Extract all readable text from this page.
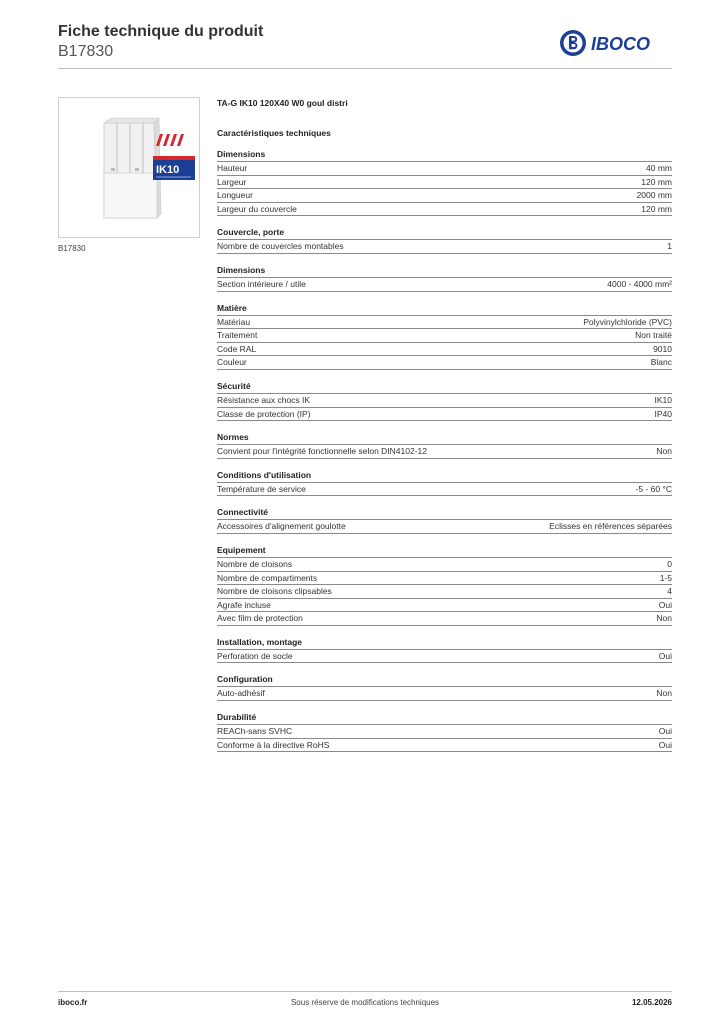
Fiche technique du produit
B17830	IBOCO
IK10
B17830
TA-G IK10 120X40 W0 goul distri
Caractéristiques techniques
Dimensions
Hauteur	40 mm
Largeur	120 mm
Longueur	2000 mm
Largeur du couvercle	120 mm
Couvercle, porte
Nombre de couvercles montables	1
Dimensions
Section intérieure / utile	4000 - 4000 mm²
Matière
Matériau	Polyvinylchloride (PVC)
Traitement	Non traité
Code RAL	9010
Couleur	Blanc
Sécurité
Résistance aux chocs IK	IK10
Classe de protection (IP)	IP40
Normes
Convient pour l'intégrité fonctionnelle selon DIN4102-12	Non
Conditions d'utilisation
Température de service	-5 - 60 °C
Connectivité
Accessoires d'alignement goulotte	Eclisses en références séparées
Equipement
Nombre de cloisons	0
Nombre de compartiments	1-5
Nombre de cloisons clipsables	4
Agrafe incluse	Oui
Avec film de protection	Non
Installation, montage
Perforation de socle	Oui
Configuration
Auto-adhésif	Non
Durabilité
REACh-sans SVHC	Oui
Conforme à la directive RoHS	Oui
iboco.fr	Sous réserve de modifications techniques	12.05.2026
